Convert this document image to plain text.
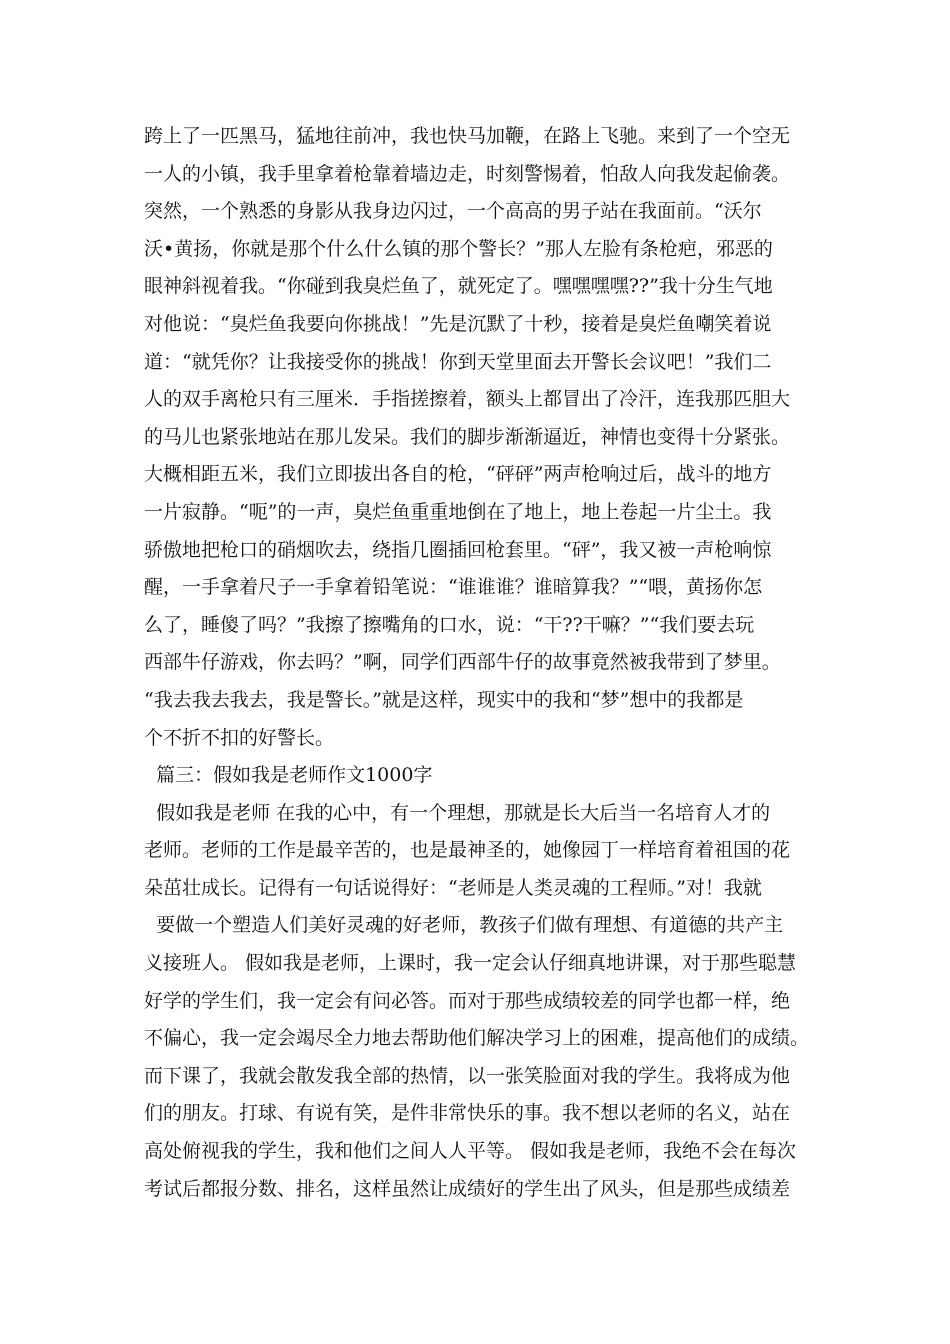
跨上了一匹黑马，猛地往前冲，我也快马加鞭，在路上飞驰。来到了一个空无
一人的小镇，我手里拿着枪靠着墙边走，时刻警惕着，怕敌人向我发起偷袭。
突然，一个熟悉的身影从我身边闪过，一个高高的男子站在我面前。“沃尔
沃•黄扬，你就是那个什么什么镇的那个警长？”那人左脸有条枪疤，邪恶的
眼神斜视着我。“你碰到我臭烂鱼了，就死定了。嘿嘿嘿嘿??”我十分生气地
对他说：“臭烂鱼我要向你挑战！”先是沉默了十秒，接着是臭烂鱼嘲笑着说
道：“就凭你？让我接受你的挑战！你到天堂里面去开警长会议吧！”我们二
人的双手离枪只有三厘米．手指搓擦着，额头上都冒出了冷汗，连我那匹胆大
的马儿也紧张地站在那儿发呆。我们的脚步渐渐逼近，神情也变得十分紧张。
大概相距五米，我们立即拔出各自的枪，“砰砰”两声枪响过后，战斗的地方
一片寂静。“呃”的一声，臭烂鱼重重地倒在了地上，地上卷起一片尘土。我
骄傲地把枪口的硝烟吹去，绕指几圈插回枪套里。“砰”，我又被一声枪响惊
醒，一手拿着尺子一手拿着铅笔说：“谁谁谁？谁暗算我？”“喂，黄扬你怎
么了，睡傻了吗？”我擦了擦嘴角的口水，说：“干??干嘛？”“我们要去玩
西部牛仔游戏，你去吗？”啊，同学们西部牛仔的故事竟然被我带到了梦里。
“我去我去我去，我是警长。”就是这样，现实中的我和“梦”想中的我都是
个不折不扣的好警长。
篇三：假如我是老师作文1000字
假如我是老师 在我的心中，有一个理想，那就是长大后当一名培育人才的
老师。老师的工作是最辛苦的，也是最神圣的，她像园丁一样培育着祖国的花
朵茁壮成长。记得有一句话说得好：“老师是人类灵魂的工程师。”对！我就
要做一个塑造人们美好灵魂的好老师，教孩子们做有理想、有道德的共产主
义接班人。 假如我是老师，上课时，我一定会认仔细真地讲课，对于那些聪慧
好学的学生们，我一定会有问必答。而对于那些成绩较差的同学也都一样，绝
不偏心，我一定会竭尽全力地去帮助他们解决学习上的困难，提高他们的成绩。
而下课了，我就会散发我全部的热情，以一张笑脸面对我的学生。我将成为他
们的朋友。打球、有说有笑，是件非常快乐的事。我不想以老师的名义，站在
高处俯视我的学生，我和他们之间人人平等。 假如我是老师，我绝不会在每次
考试后都报分数、排名，这样虽然让成绩好的学生出了风头，但是那些成绩差
